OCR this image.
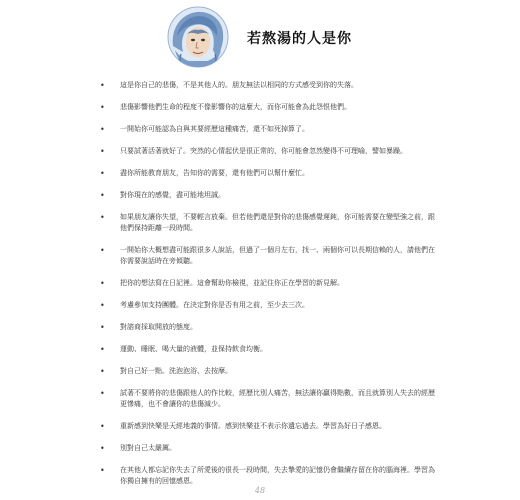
若熬湯的人是你
• 這是你自己的悲傷，不是其他人的。朋友無法以相同的方式感受到你的失落。
• 悲傷影響他們生命的程度不像影響你的這麼大，而你可能會為此怨恨他們。
• 一開始你可能認為自與其要經歷這種痛苦，還不如死掉算了。
• 只要試著活著就好了。突然的心情起伏是很正常的，你可能會忽然變得不可理喻，譬如暴躁。
• 盡你所能教育朋友，告知你的需要，還有他們可以幫什麼忙。
• 對你現在的感覺，盡可能地坦誠。
• 如果朋友讓你失望，不要輕言放棄。但若他們還是對你的悲傷感覺遲鈍，你可能需要在變堅強之前，跟他們保持距離一段時間。
• 一開始你大概想盡可能跟很多人說話，但過了一個月左右，找一、兩個你可以長期信賴的人，請他們在你需要說話時在旁傾聽。
• 把你的想法寫在日記裡。這會幫助你檢視，並記住你正在學習的新見解。
• 考慮參加支持團體。在決定對你是否有用之前，至少去三次。
• 對諮商採取開放的態度。
• 運動、睡眠、喝大量的液體，並保持飲食均衡。
• 對自己好一點。洗泡泡浴、去按摩。
• 試著不要將你的悲傷跟他人的作比較，經歷比別人痛苦，無法讓你贏得點數，而且就算別人失去的經歷更慘痛，也不會讓你的悲傷減少。
• 重新感到快樂是天經地義的事情。感到快樂並不表示你遺忘過去。學習為好日子感恩。
• 別對自己太嚴厲。
• 在其他人都忘記你失去了所愛後的很長一段時間，失去摯愛的記憶仍會繼續存留在你的腦海裡。學習為你獨自擁有的回憶感恩。
48
